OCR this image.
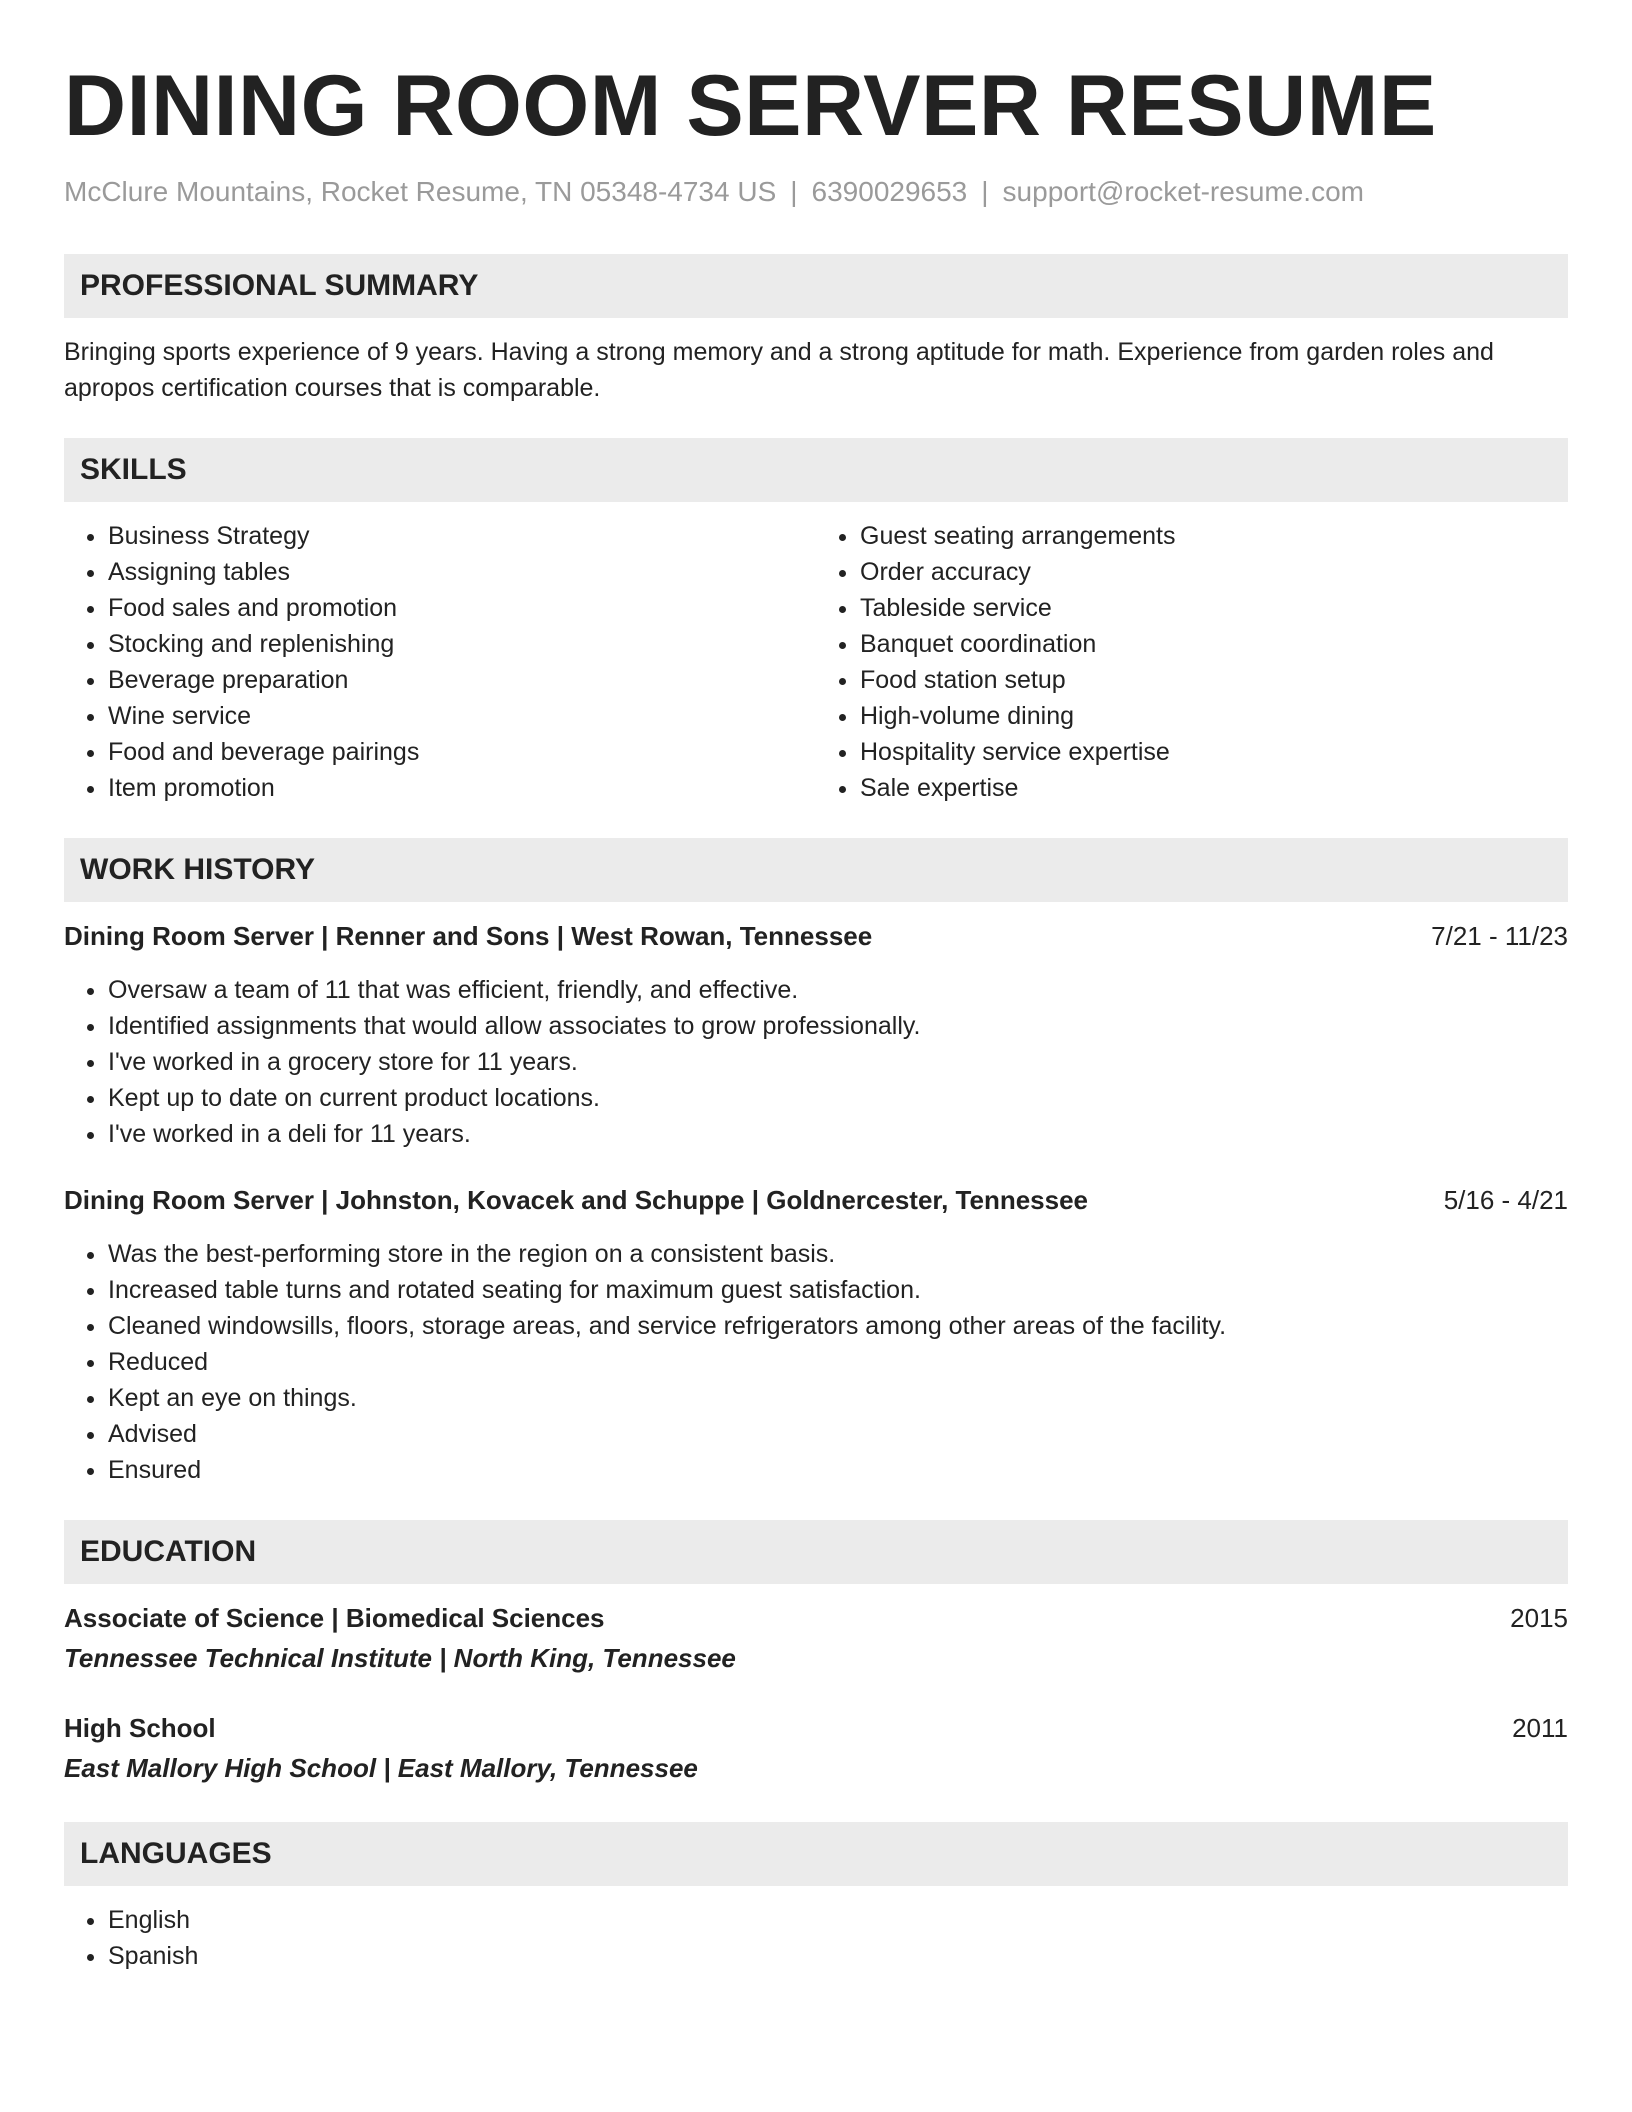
DINING ROOM SERVER RESUME
McClure Mountains, Rocket Resume, TN 05348-4734 US | 6390029653 | support@rocket-resume.com
PROFESSIONAL SUMMARY

Bringing sports experience of 9 years. Having a strong memory and a strong aptitude for math. Experience from garden roles and apropos certification courses that is comparable.

SKILLS
• Business Strategy
• Assigning tables
• Food sales and promotion
• Stocking and replenishing
• Beverage preparation
• Wine service
• Food and beverage pairings
• Item promotion
• Guest seating arrangements
• Order accuracy
• Tableside service
• Banquet coordination
• Food station setup
• High-volume dining
• Hospitality service expertise
• Sale expertise
WORK HISTORY
Dining Room Server | Renner and Sons | West Rowan, Tennessee	7/21 - 11/23
• Oversaw a team of 11 that was efficient, friendly, and effective.
• Identified assignments that would allow associates to grow professionally.
• I've worked in a grocery store for 11 years.
• Kept up to date on current product locations.
• I've worked in a deli for 11 years.
Dining Room Server | Johnston, Kovacek and Schuppe | Goldnercester, Tennessee	5/16 - 4/21
• Was the best-performing store in the region on a consistent basis.
• Increased table turns and rotated seating for maximum guest satisfaction.
• Cleaned windowsills, floors, storage areas, and service refrigerators among other areas of the facility.
• Reduced
• Kept an eye on things.
• Advised
• Ensured
EDUCATION
Associate of Science | Biomedical Sciences	2015
Tennessee Technical Institute | North King, Tennessee
High School	2011
East Mallory High School | East Mallory, Tennessee
LANGUAGES
• English
• Spanish
